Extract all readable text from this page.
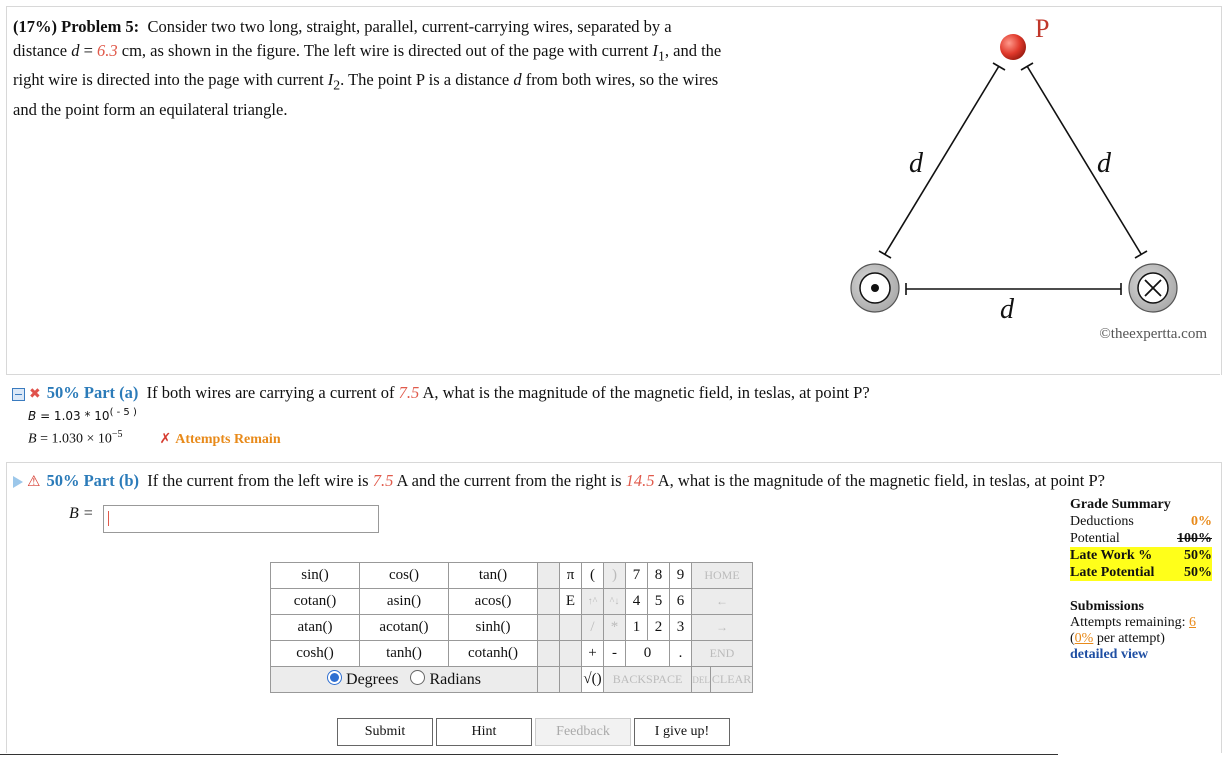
(17%) Problem 5: Consider two two long, straight, parallel, current-carrying wires, separated by a
distance d = 6.3 cm, as shown in the figure. The left wire is directed out of the page with current $I_1$, and the
right wire is directed into the page with current $I_2$. The point P is a distance d from both wires, so the wires
and the point form an equilateral triangle.
P
d	d
d
©theexpertta.com
✖ 50% Part (a) If both wires are carrying a current of 7.5 A, what is the magnitude of the magnetic field, in teslas, at point P?
$B = 1.03 * 10^{( - 5 )}$
$B = 1.030 \times 10^{-5}$	✗ Attempts Remain
⚠ 50% Part (b) If the current from the left wire is 7.5 A and the current from the right is 14.5 A, what is the magnitude of the magnetic field, in teslas, at point P?
B =
Grade Summary
Deductions	0%
Potential	100%
Late Work % 50%
Late Potential 50%
Submissions
Attempts remaining: 6
(0% per attempt)
detailed view
sin()	cos()	tan()		π	(	)	7	8	9	HOME	
cotan()	asin()	acos()		E	↑^	^↓	4	5	6	←	
atan()	acotan()	sinh()			/	*	1	2	3	→	
cosh()	tanh()	cotanh()			+	-	0		.	END	
Degrees Radians					√()	BACKSPACE				DEL	CLEAR
Submit	Hint	Feedback	I give up!
